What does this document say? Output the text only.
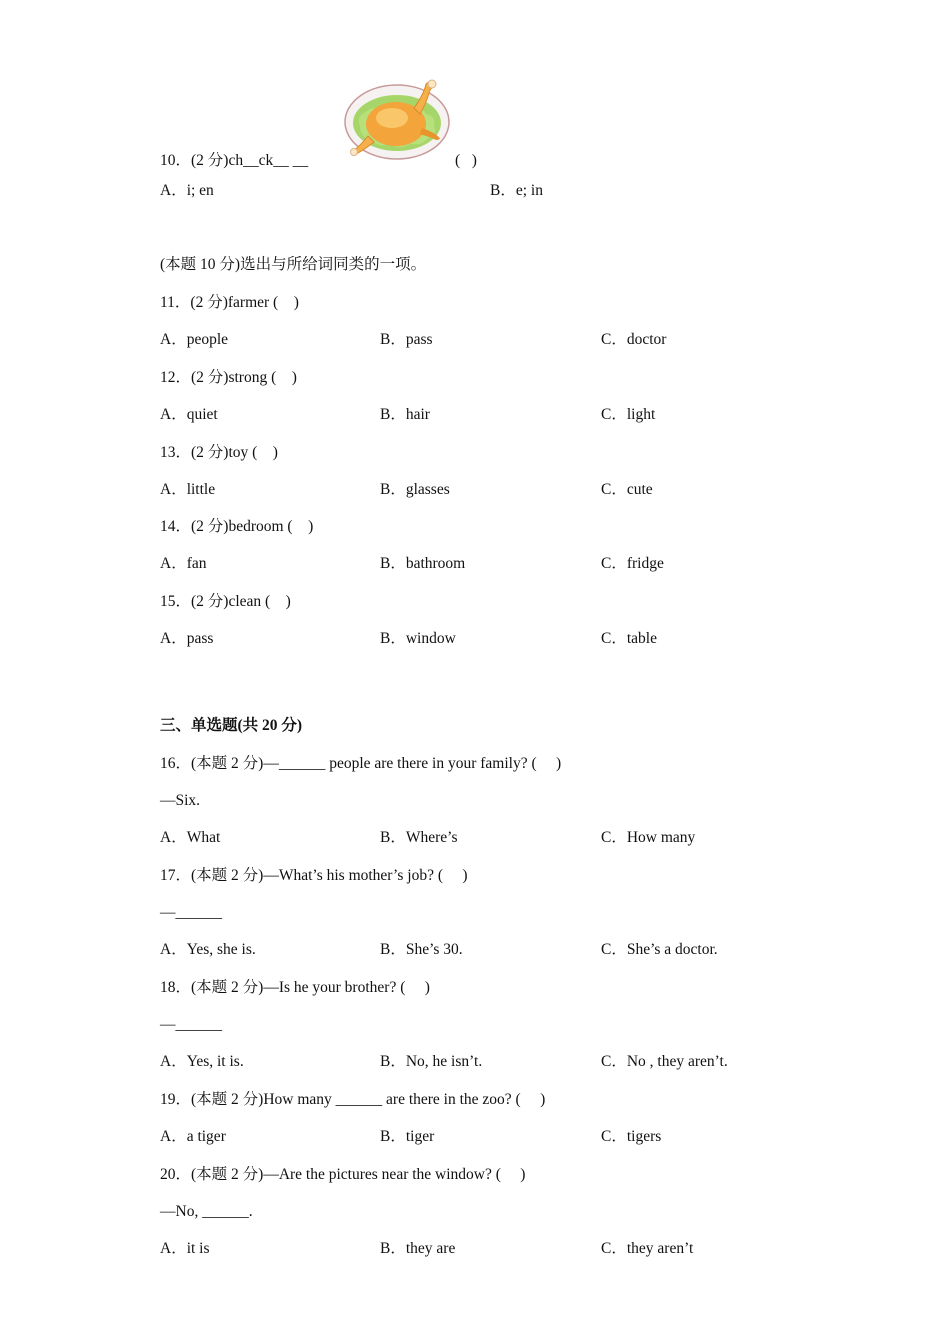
10．(2 分)ch__ck__ __	(   )
A．i; en	B．e; in
(本题 10 分)选出与所给词同类的一项。
11．(2 分)farmer (    )
A．people	B．pass	C．doctor
12．(2 分)strong (    )
A．quiet	B．hair	C．light
13．(2 分)toy (    )
A．little	B．glasses	C．cute
14．(2 分)bedroom (    )
A．fan	B．bathroom	C．fridge
15．(2 分)clean (    )
A．pass	B．window	C．table
三、单选题(共 20 分)
16．(本题 2 分)—______ people are there in your family? (     )
—Six.
A．What	B．Where’s	C．How many
17．(本题 2 分)—What’s his mother’s job? (     )
—______
A．Yes, she is.	B．She’s 30.	C．She’s a doctor.
18．(本题 2 分)—Is he your brother? (     )
—______
A．Yes, it is.	B．No, he isn’t.	C．No , they aren’t.
19．(本题 2 分)How many ______ are there in the zoo? (     )
A．a tiger	B．tiger	C．tigers
20．(本题 2 分)—Are the pictures near the window? (     )
—No, ______.
A．it is	B．they are	C．they aren’t
